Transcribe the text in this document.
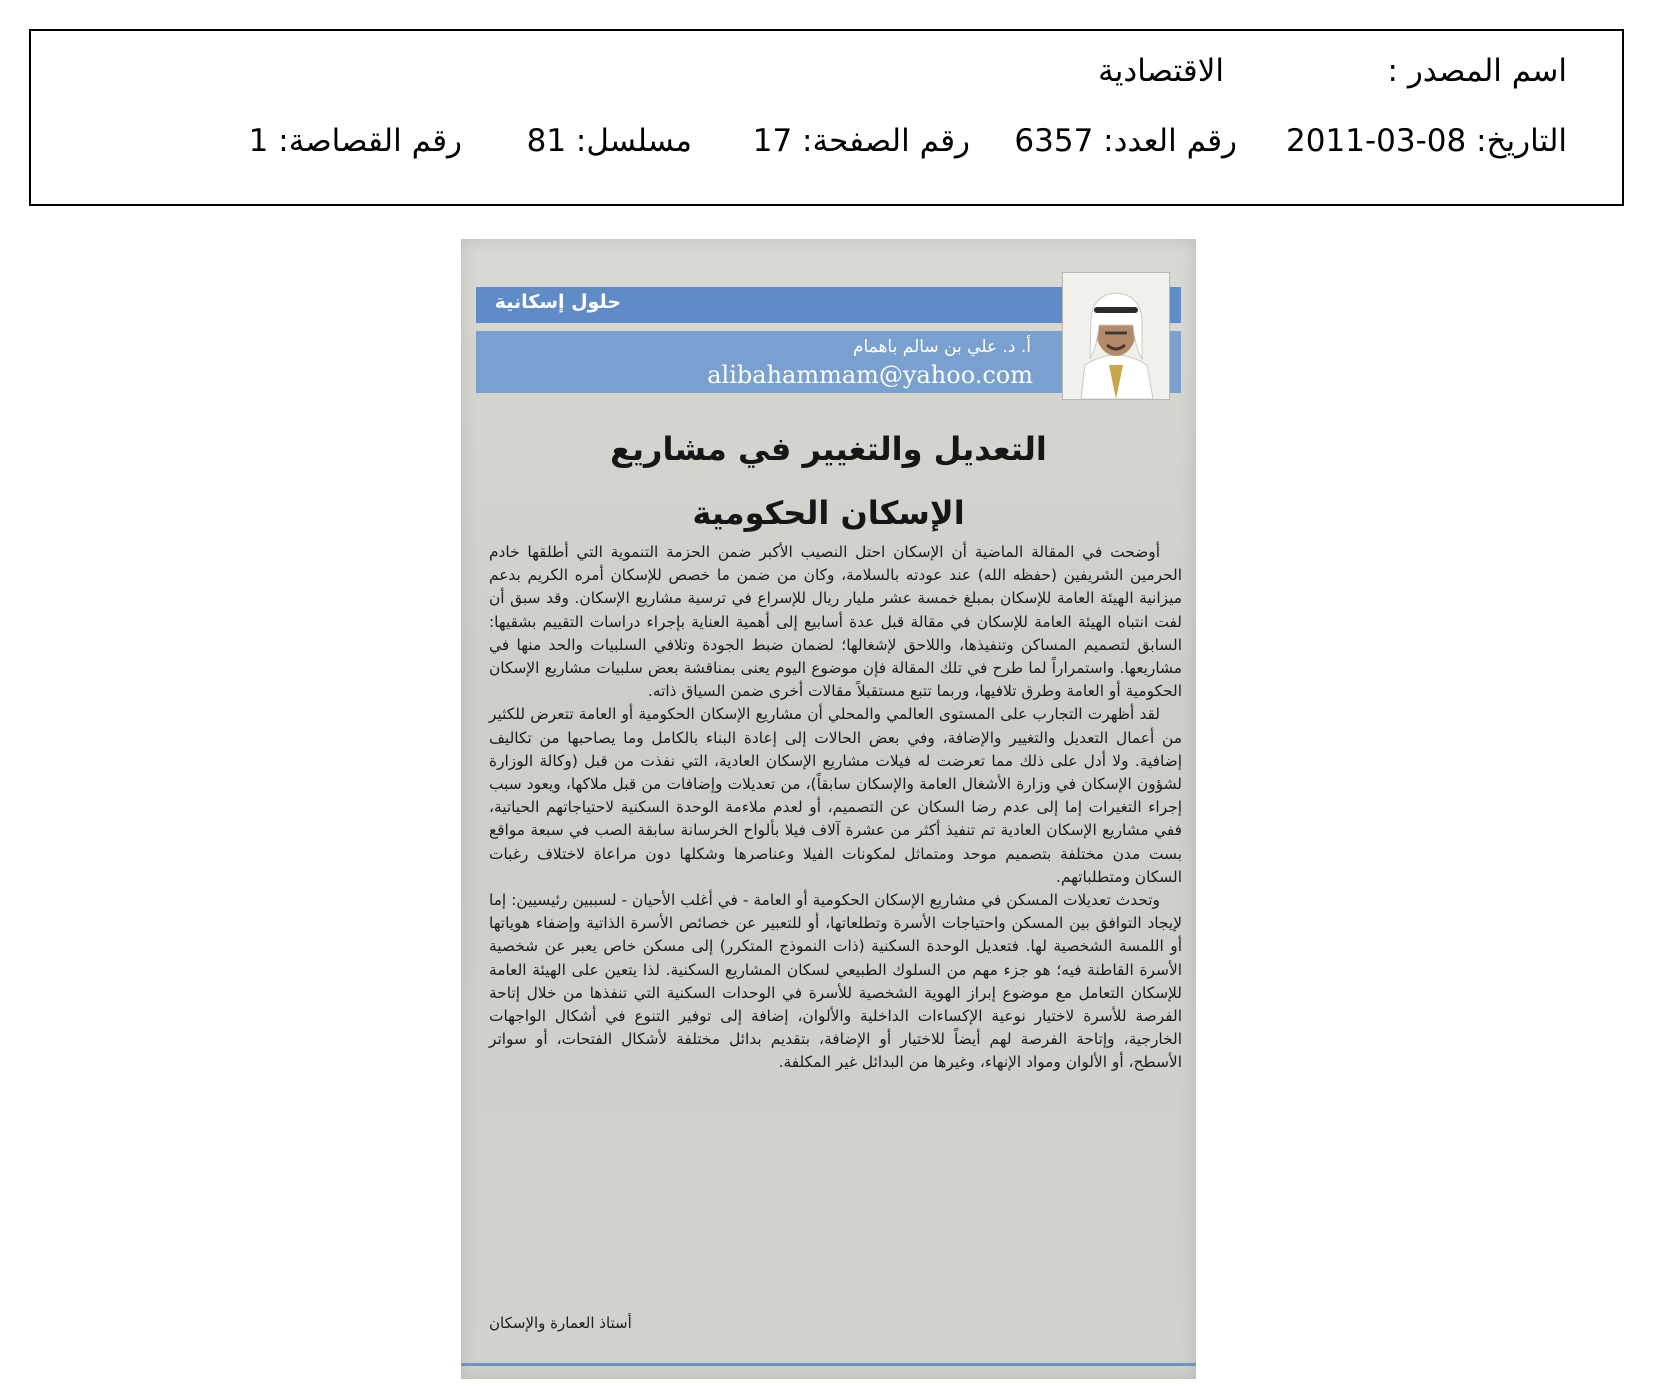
اسم المصدر :
الاقتصادية
التاريخ: 08-03-2011
رقم العدد: 6357
رقم الصفحة: 17
مسلسل: 81
رقم القصاصة: 1
حلول إسكانية
أ. د. علي بن سالم باهمام
alibahammam@yahoo.com
التعديل والتغيير في مشاريع
الإسكان الحكومية

أوضحت في المقالة الماضية أن الإسكان احتل النصيب الأكبر ضمن الحزمة التنموية التي أطلقها خادم الحرمين الشريفين (حفظه الله) عند عودته بالسلامة، وكان من ضمن ما خصص للإسكان أمره الكريم بدعم ميزانية الهيئة العامة للإسكان بمبلغ خمسة عشر مليار ريال للإسراع في ترسية مشاريع الإسكان. وقد سبق أن لفت انتباه الهيئة العامة للإسكان في مقالة قبل عدة أسابيع إلى أهمية العناية بإجراء دراسات التقييم بشقيها: السابق لتصميم المساكن وتنفيذها، واللاحق لإشغالها؛ لضمان ضبط الجودة وتلافي السلبيات والحد منها في مشاريعها. واستمراراً لما طرح في تلك المقالة فإن موضوع اليوم يعنى بمناقشة بعض سلبيات مشاريع الإسكان الحكومية أو العامة وطرق تلافيها، وربما تتبع مستقبلاً مقالات أخرى ضمن السياق ذاته.

لقد أظهرت التجارب على المستوى العالمي والمحلي أن مشاريع الإسكان الحكومية أو العامة تتعرض للكثير من أعمال التعديل والتغيير والإضافة، وفي بعض الحالات إلى إعادة البناء بالكامل وما يصاحبها من تكاليف إضافية. ولا أدل على ذلك مما تعرضت له فيلات مشاريع الإسكان العادية، التي نفذت من قبل (وكالة الوزارة لشؤون الإسكان في وزارة الأشغال العامة والإسكان سابقاً)، من تعديلات وإضافات من قبل ملاكها، ويعود سبب إجراء التغيرات إما إلى عدم رضا السكان عن التصميم، أو لعدم ملاءمة الوحدة السكنية لاحتياجاتهم الحياتية، ففي مشاريع الإسكان العادية تم تنفيذ أكثر من عشرة آلاف فيلا بألواح الخرسانة سابقة الصب في سبعة مواقع بست مدن مختلفة بتصميم موحد ومتماثل لمكونات الفيلا وعناصرها وشكلها دون مراعاة لاختلاف رغبات السكان ومتطلباتهم.

وتحدث تعديلات المسكن في مشاريع الإسكان الحكومية أو العامة - في أغلب الأحيان - لسببين رئيسيين: إما لإيجاد التوافق بين المسكن واحتياجات الأسرة وتطلعاتها، أو للتعبير عن خصائص الأسرة الذاتية وإضفاء هوياتها أو اللمسة الشخصية لها. فتعديل الوحدة السكنية (ذات النموذج المتكرر) إلى مسكن خاص يعبر عن شخصية الأسرة القاطنة فيه؛ هو جزء مهم من السلوك الطبيعي لسكان المشاريع السكنية. لذا يتعين على الهيئة العامة للإسكان التعامل مع موضوع إبراز الهوية الشخصية للأسرة في الوحدات السكنية التي تنفذها من خلال إتاحة الفرصة للأسرة لاختيار نوعية الإكساءات الداخلية والألوان، إضافة إلى توفير التنوع في أشكال الواجهات الخارجية، وإتاحة الفرصة لهم أيضاً للاختيار أو الإضافة، بتقديم بدائل مختلفة لأشكال الفتحات، أو سواتر الأسطح، أو الألوان ومواد الإنهاء، وغيرها من البدائل غير المكلفة.

أستاذ العمارة والإسكان
